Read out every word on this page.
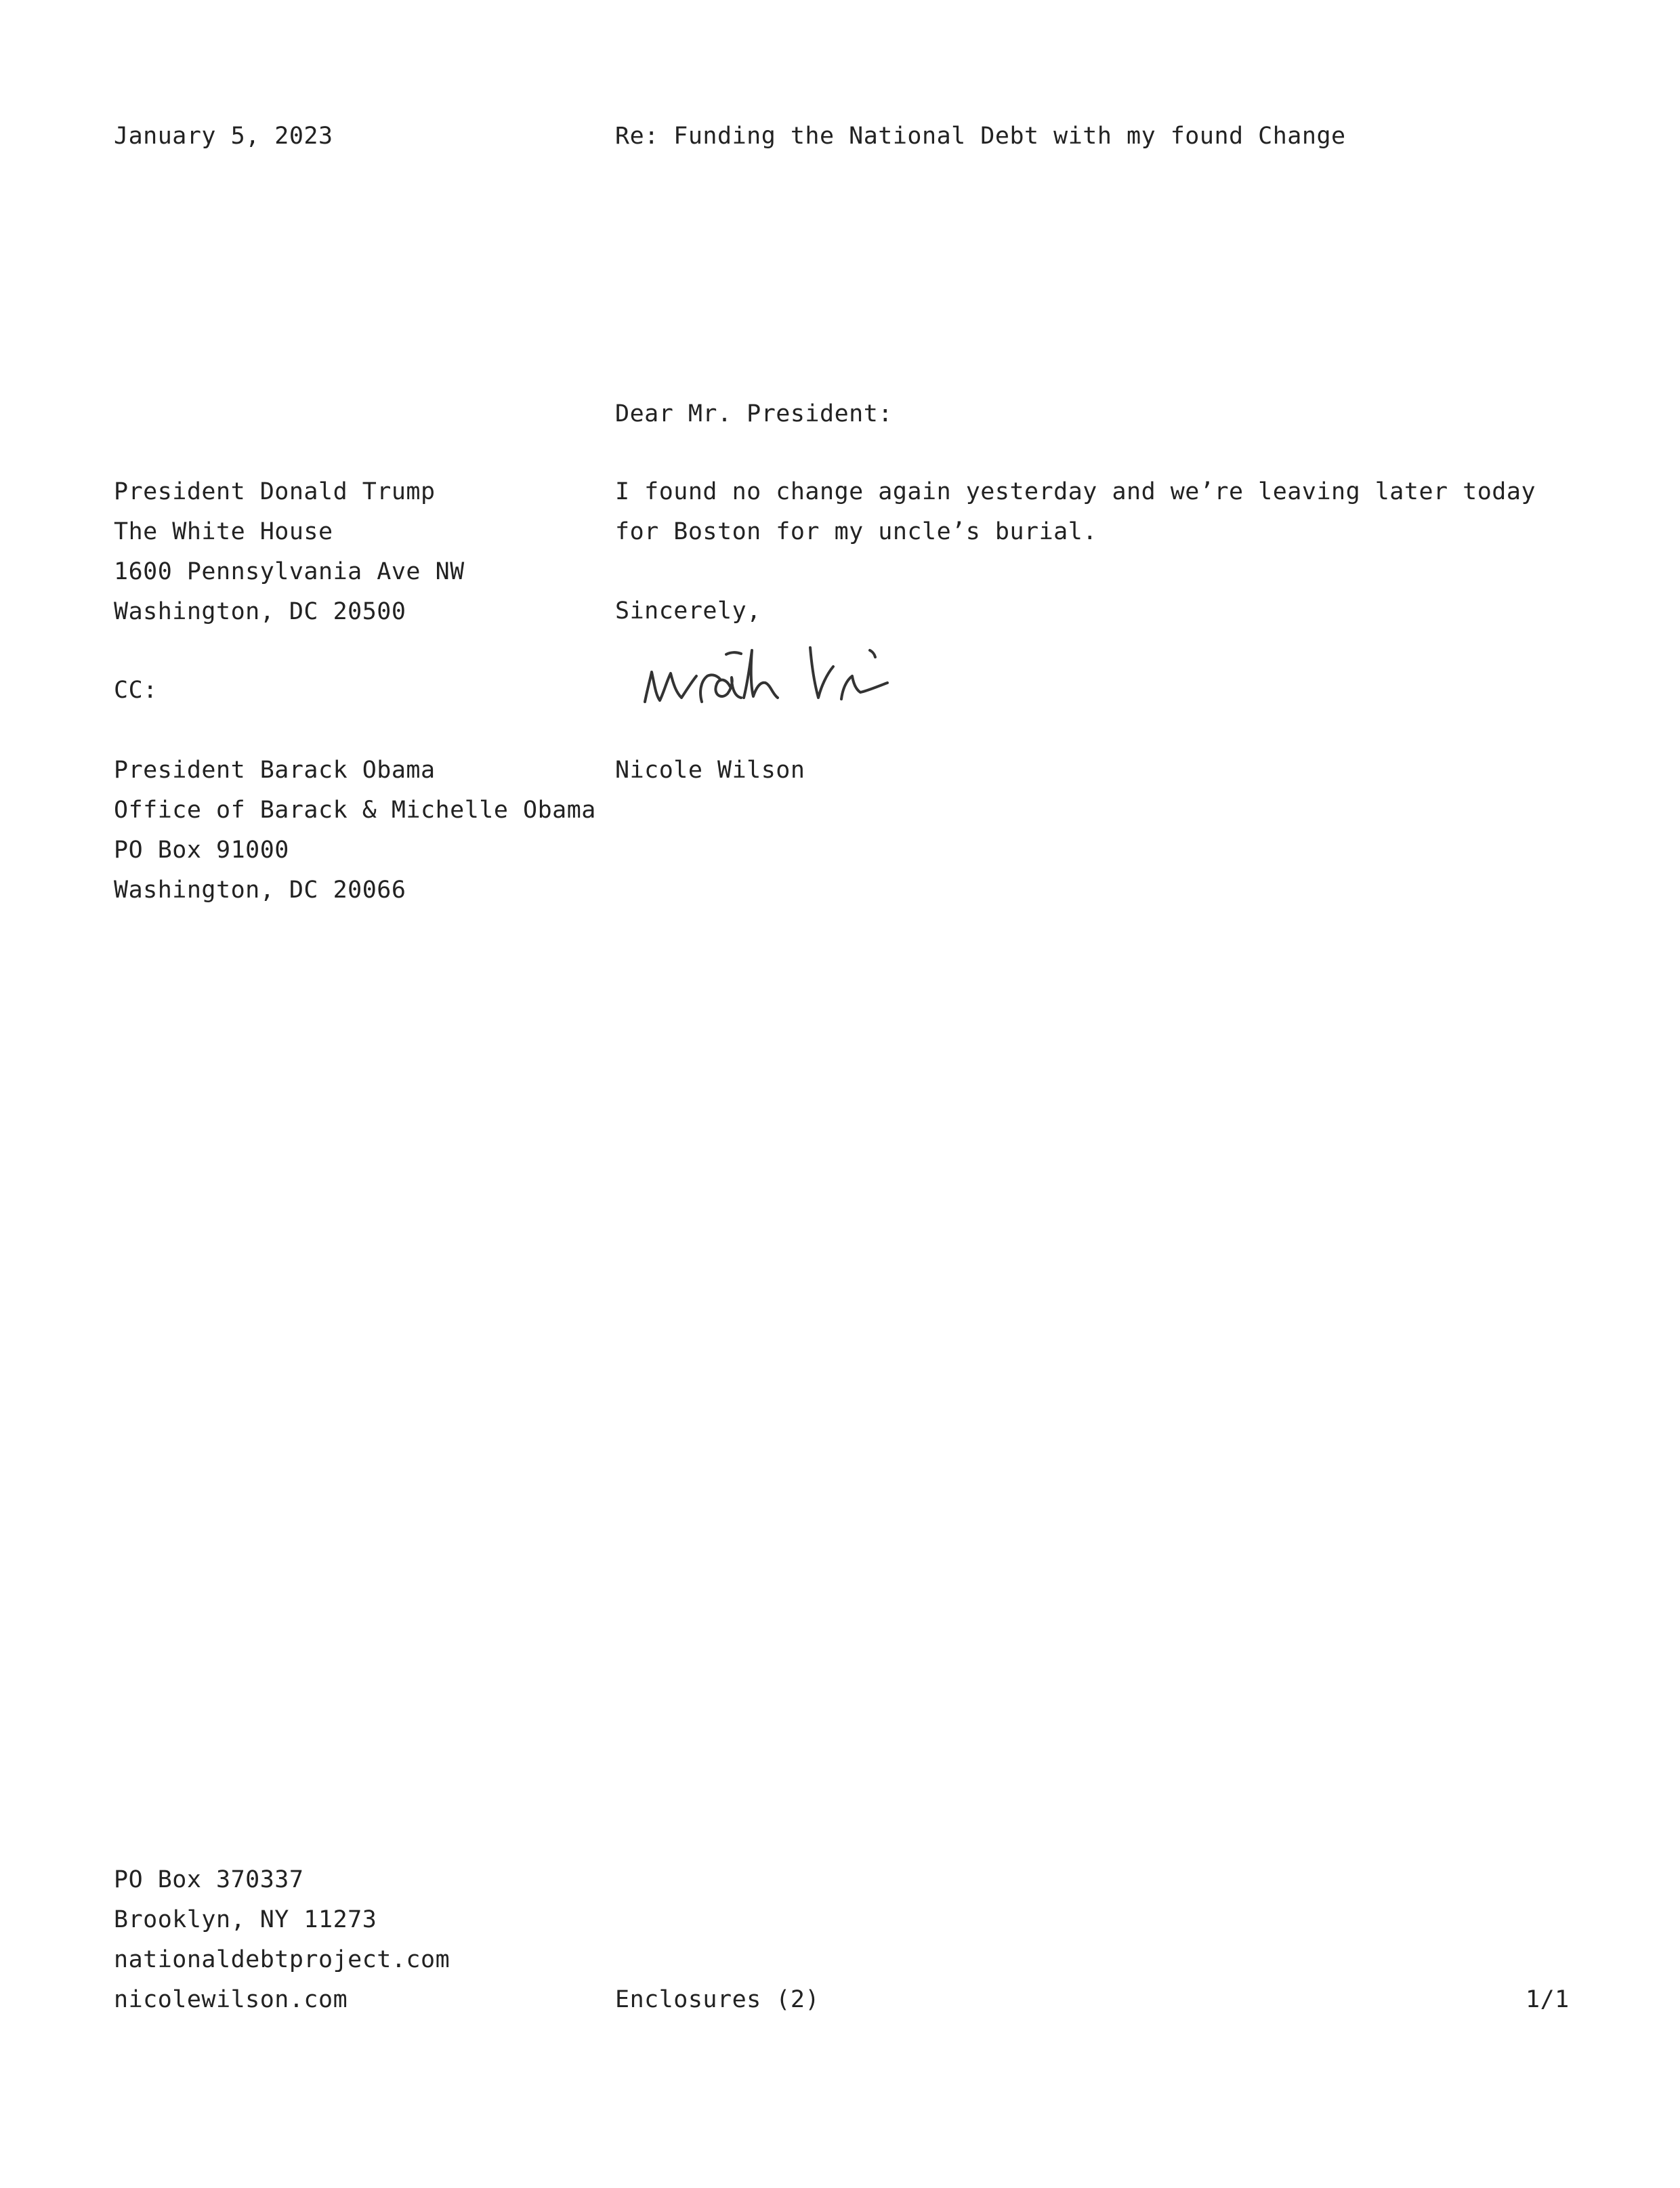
January 5, 2023	Re: Funding the National Debt with my found Change
Dear Mr. President:
President Donald Trump
The White House
1600 Pennsylvania Ave NW
Washington, DC 20500
I found no change again yesterday and we’re leaving later today for Boston for my uncle’s burial.
Sincerely,
CC:
Nicole Wilson
President Barack Obama
Office of Barack & Michelle Obama
PO Box 91000
Washington, DC 20066
PO Box 370337
Brooklyn, NY 11273
nationaldebtproject.com
nicolewilson.com	Enclosures (2)	1/1
